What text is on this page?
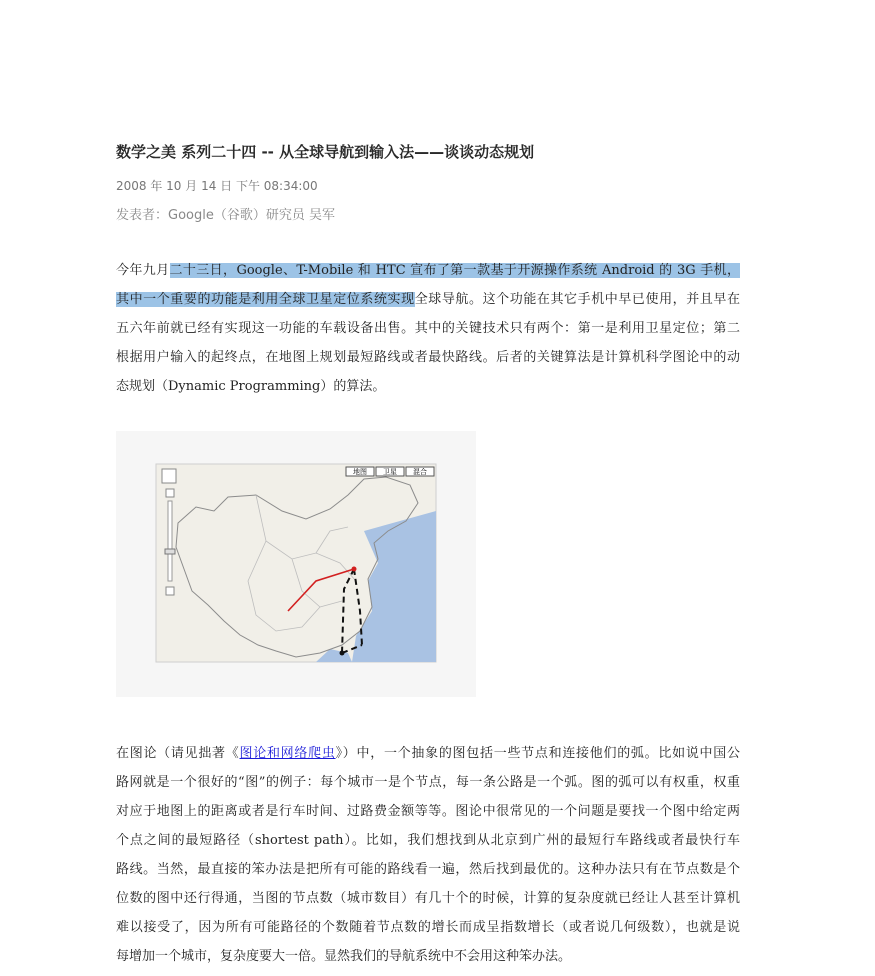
数学之美 系列二十四 -- 从全球导航到输入法——谈谈动态规划
2008 年 10 月 14 日 下午 08:34:00
发表者：Google（谷歌）研究员 吴军
今年九月二十三日，Google、T-Mobile 和 HTC 宣布了第一款基于开源操作系统 Android 的 3G 手机，
其中一个重要的功能是利用全球卫星定位系统实现全球导航。这个功能在其它手机中早已使用，并且早在
五六年前就已经有实现这一功能的车载设备出售。其中的关键技术只有两个：第一是利用卫星定位；第二
根据用户输入的起终点，在地图上规划最短路线或者最快路线。后者的关键算法是计算机科学图论中的动
态规划（Dynamic Programming）的算法。
地图 卫星 混合
在图论（请见拙著《图论和网络爬虫》）中，一个抽象的图包括一些节点和连接他们的弧。比如说中国公
路网就是一个很好的“图”的例子：每个城市一是个节点，每一条公路是一个弧。图的弧可以有权重，权重
对应于地图上的距离或者是行车时间、过路费金额等等。图论中很常见的一个问题是要找一个图中给定两
个点之间的最短路径（shortest path）。比如，我们想找到从北京到广州的最短行车路线或者最快行车
路线。当然，最直接的笨办法是把所有可能的路线看一遍，然后找到最优的。这种办法只有在节点数是个
位数的图中还行得通，当图的节点数（城市数目）有几十个的时候，计算的复杂度就已经让人甚至计算机
难以接受了，因为所有可能路径的个数随着节点数的增长而成呈指数增长（或者说几何级数），也就是说
每增加一个城市，复杂度要大一倍。显然我们的导航系统中不会用这种笨办法。
